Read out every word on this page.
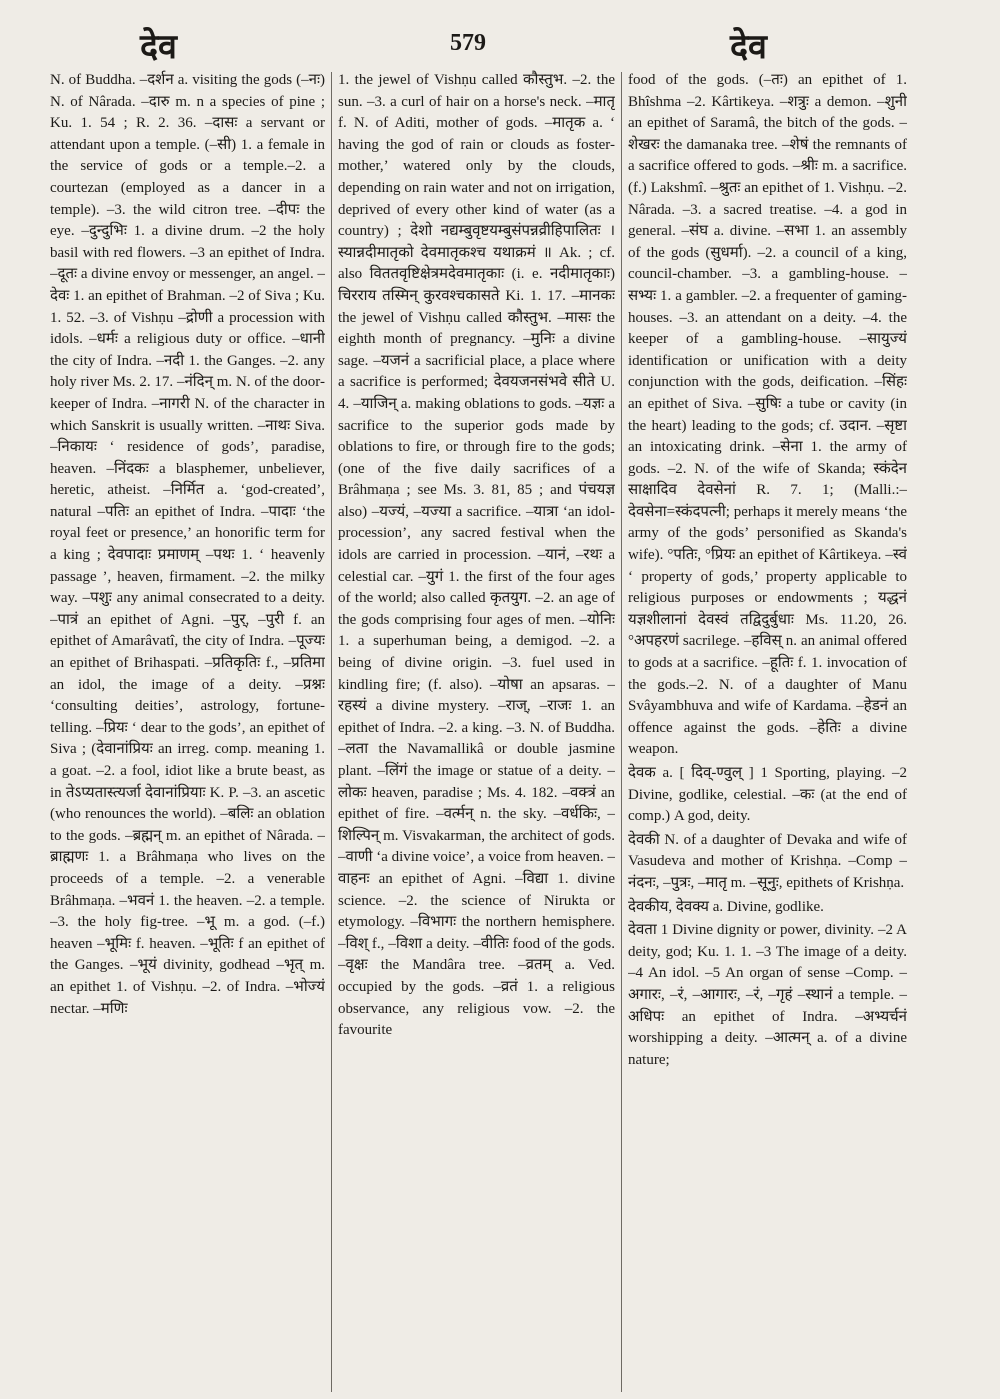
देव	579	देव

N. of Buddha. –दर्शन a. visiting the gods (–नः) N. of Nârada. –दारु m. n a species of pine ; Ku. 1. 54 ; R. 2. 36. –दासः a servant or attendant upon a temple. (–सी) 1. a female in the service of gods or a temple.–2. a courtezan (employed as a dancer in a temple). –3. the wild citron tree. –दीपः the eye. –दुन्दुभिः 1. a divine drum. –2 the holy basil with red flowers. –3 an epithet of Indra. –दूतः a divine envoy or messenger, an angel. –देवः 1. an epithet of Brahman. –2 of Siva ; Ku. 1. 52. –3. of Vishṇu –द्रोणी a procession with idols. –धर्मः a religious duty or office. –धानी the city of Indra. –नदी 1. the Ganges. –2. any holy river Ms. 2. 17. –नंदिन् m. N. of the door-keeper of Indra. –नागरी N. of the character in which Sanskrit is usually written. –नाथः Siva. –निकायः ‘ residence of gods’, paradise, heaven. –निंदकः a blasphemer, unbeliever, heretic, atheist. –निर्मित a. ‘god-created’, natural –पतिः an epithet of Indra. –पादाः ‘the royal feet or presence,’ an honorific term for a king ; देवपादाः प्रमाणम् –पथः 1. ‘ heavenly passage ’, heaven, firmament. –2. the milky way. –पशुः any animal consecrated to a deity. –पात्रं an epithet of Agni. –पुर्, –पुरी f. an epithet of Amarâvatî, the city of Indra. –पूज्यः an epithet of Brihaspati. –प्रतिकृतिः f., –प्रतिमा an idol, the image of a deity. –प्रश्नः ‘consulting deities’, astrology, fortune-telling. –प्रियः ‘ dear to the gods’, an epithet of Siva ; (देवानांप्रियः an irreg. comp. meaning 1. a goat. –2. a fool, idiot like a brute beast, as in तेऽप्यतास्त्यर्जा देवानांप्रियाः K. P. –3. an ascetic (who renounces the world). –बलिः an oblation to the gods. –ब्रह्मन् m. an epithet of Nârada. –ब्राह्मणः 1. a Brâhmaṇa who lives on the proceeds of a temple. –2. a venerable Brâhmaṇa. –भवनं 1. the heaven. –2. a temple. –3. the holy fig-tree. –भू m. a god. (–f.) heaven –भूमिः f. heaven. –भूतिः f an epithet of the Ganges. –भूयं divinity, godhead –भृत् m. an epithet 1. of Vishṇu. –2. of Indra. –भोज्यं nectar. –मणिः

1. the jewel of Vishṇu called कौस्तुभ. –2. the sun. –3. a curl of hair on a horse's neck. –मातृ f. N. of Aditi, mother of gods. –मातृक a. ‘ having the god of rain or clouds as foster-mother,’ watered only by the clouds, depending on rain water and not on irrigation, deprived of every other kind of water (as a country) ; देशो नद्यम्बुवृष्टयम्बुसंपन्नव्रीहिपालितः । स्यान्नदीमातृको देवमातृकश्च यथाक्रमं ॥ Ak. ; cf. also विततवृष्टिक्षेत्रमदेवमातृकाः (i. e. नदीमातृकाः) चिरराय तस्मिन् कुरवश्चकासते Ki. 1. 17. –मानकः the jewel of Vishṇu called कौस्तुभ. –मासः the eighth month of pregnancy. –मुनिः a divine sage. –यजनं a sacrificial place, a place where a sacrifice is performed; देवयजनसंभवे सीते U. 4. –याजिन् a. making oblations to gods. –यज्ञः a sacrifice to the superior gods made by oblations to fire, or through fire to the gods; (one of the five daily sacrifices of a Brâhmaṇa ; see Ms. 3. 81, 85 ; and पंचयज्ञ also) –यज्यं, –यज्या a sacrifice. –यात्रा ‘an idol-procession’, any sacred festival when the idols are carried in procession. –यानं, –रथः a celestial car. –युगं 1. the first of the four ages of the world; also called कृतयुग. –2. an age of the gods comprising four ages of men. –योनिः 1. a superhuman being, a demigod. –2. a being of divine origin. –3. fuel used in kindling fire; (f. also). –योषा an apsaras. –रहस्यं a divine mystery. –राज्, –राजः 1. an epithet of Indra. –2. a king. –3. N. of Buddha. –लता the Navamallikâ or double jasmine plant. –लिंगं the image or statue of a deity. –लोकः heaven, paradise ; Ms. 4. 182. –वक्त्रं an epithet of fire. –वर्त्मन् n. the sky. –वर्धकिः, –शिल्पिन् m. Visvakarman, the architect of gods. –वाणी ‘a divine voice’, a voice from heaven. –वाहनः an epithet of Agni. –विद्या 1. divine science. –2. the science of Nirukta or etymology. –विभागः the northern hemisphere. –विश् f., –विशा a deity. –वीतिः food of the gods. –वृक्षः the Mandâra tree. –व्रतम् a. Ved. occupied by the gods. –व्रतं 1. a religious observance, any religious vow. –2. the favourite

food of the gods. (–तः) an epithet of 1. Bhîshma –2. Kârtikeya. –शत्रुः a demon. –शुनी an epithet of Saramâ, the bitch of the gods. –शेखरः the damanaka tree. –शेषं the remnants of a sacrifice offered to gods. –श्रीः m. a sacrifice. (f.) Lakshmî. –श्रुतः an epithet of 1. Vishṇu. –2. Nârada. –3. a sacred treatise. –4. a god in general. –संघ a. divine. –सभा 1. an assembly of the gods (सुधर्मा). –2. a council of a king, council-chamber. –3. a gambling-house. –सभ्यः 1. a gambler. –2. a frequenter of gaming-houses. –3. an attendant on a deity. –4. the keeper of a gambling-house. –सायुज्यं identification or unification with a deity conjunction with the gods, deification. –सिंहः an epithet of Siva. –सुषिः a tube or cavity (in the heart) leading to the gods; cf. उदान. –सृष्टा an intoxicating drink. –सेना 1. the army of gods. –2. N. of the wife of Skanda; स्कंदेन साक्षादिव देवसेनां R. 7. 1; (Malli.:–देवसेना=स्कंदपत्नी; perhaps it merely means ‘the army of the gods’ personified as Skanda's wife). °पतिः, °प्रियः an epithet of Kârtikeya. –स्वं ‘ property of gods,’ property applicable to religious purposes or endowments ; यद्धनं यज्ञशीलानां देवस्वं तद्विदुर्बुधाः Ms. 11.20, 26. °अपहरणं sacrilege. –हविस् n. an animal offered to gods at a sacrifice. –हूतिः f. 1. invocation of the gods.–2. N. of a daughter of Manu Svâyambhuva and wife of Kardama. –हेडनं an offence against the gods. –हेतिः a divine weapon.

देवक a. [ दिव्-ण्वुल् ] 1 Sporting, playing. –2 Divine, godlike, celestial. –कः (at the end of comp.) A god, deity.

देवकी N. of a daughter of Devaka and wife of Vasudeva and mother of Krishṇa. –Comp –नंदनः, –पुत्रः, –मातृ m. –सूनुः, epithets of Krishṇa.

देवकीय, देवक्य a. Divine, godlike.

देवता 1 Divine dignity or power, divinity. –2 A deity, god; Ku. 1. 1. –3 The image of a deity. –4 An idol. –5 An organ of sense –Comp. –अगारः, –रं, –आगारः, –रं, –गृहं –स्थानं a temple. –अधिपः an epithet of Indra. –अभ्यर्चनं worshipping a deity. –आत्मन् a. of a divine nature;
